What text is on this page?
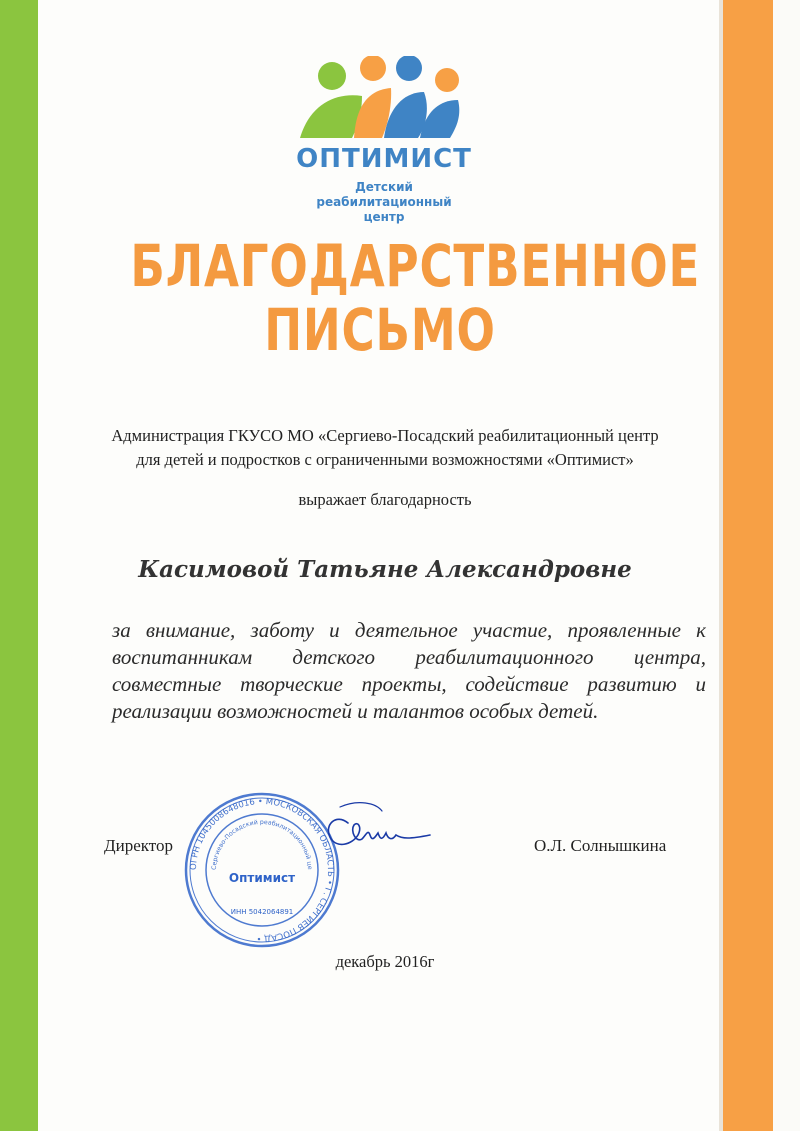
ОПТИМИСТ
Детский реабилитационный
центр
БЛАГОДАРСТВЕННОЕ
ПИСЬМО
Администрация ГКУСО МО «Сергиево-Посадский реабилитационный центр
для детей и подростков с ограниченными возможностями «Оптимист»
выражает благодарность
Касимовой Татьяне Александровне
за внимание, заботу и деятельное участие, проявленные к воспитанникам детского реабилитационного центра, совместные творческие проекты, содействие развитию и реализации возможностей и талантов особых детей.
Директор	О.Л. Солнышкина
ОГРН 1045008648016 • МОСКОВСКАЯ ОБЛАСТЬ • Г. СЕРГИЕВ ПОСАД •
Сергиево-Посадский реабилитационный це
Оптимист
ИНН 5042064891
декабрь 2016г
